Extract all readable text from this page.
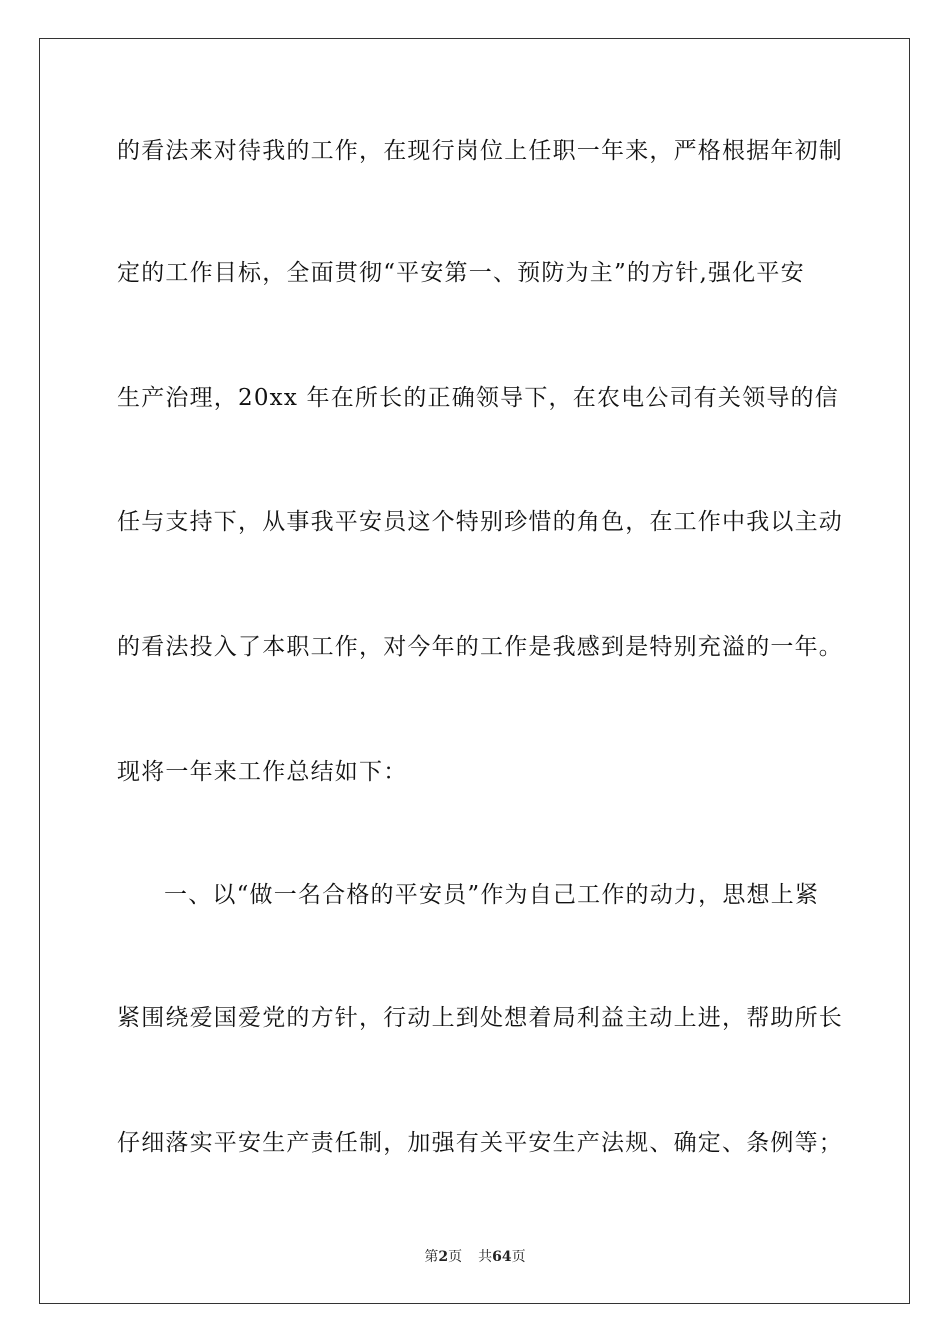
的看法来对待我的工作，在现行岗位上任职一年来，严格根据年初制
定的工作目标，全面贯彻“平安第一、预防为主”的方针,强化平安
生产治理，20xx 年在所长的正确领导下，在农电公司有关领导的信
任与支持下，从事我平安员这个特别珍惜的角色，在工作中我以主动
的看法投入了本职工作，对今年的工作是我感到是特别充溢的一年。
现将一年来工作总结如下：
一、以“做一名合格的平安员”作为自己工作的动力，思想上紧
紧围绕爱国爱党的方针，行动上到处想着局利益主动上进，帮助所长
仔细落实平安生产责任制，加强有关平安生产法规、确定、条例等；
第2页 共64页
